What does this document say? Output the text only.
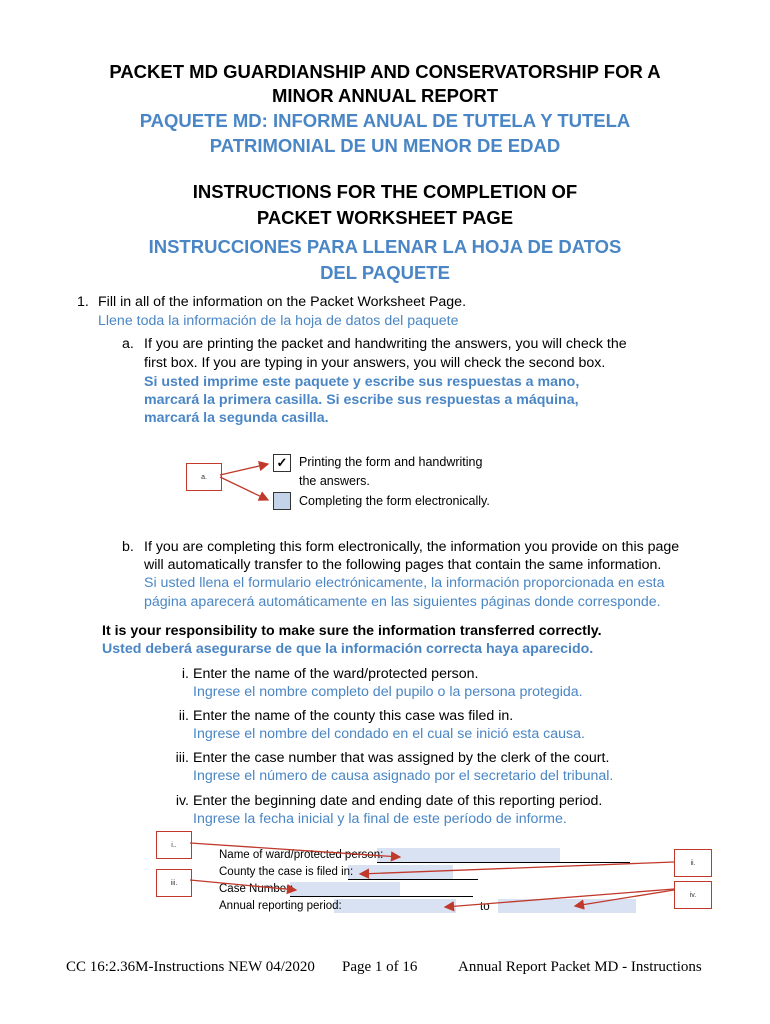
PACKET MD GUARDIANSHIP AND CONSERVATORSHIP FOR A
MINOR ANNUAL REPORT
PAQUETE MD: INFORME ANUAL DE TUTELA Y TUTELA
PATRIMONIAL DE UN MENOR DE EDAD
INSTRUCTIONS FOR THE COMPLETION OF
PACKET WORKSHEET PAGE
INSTRUCCIONES PARA LLENAR LA HOJA DE DATOS
DEL PAQUETE
1. Fill in all of the information on the Packet Worksheet Page.
Llene toda la información de la hoja de datos del paquete
a. If you are printing the packet and handwriting the answers, you will check the
first box. If you are typing in your answers, you will check the second box.
Si usted imprime este paquete y escribe sus respuestas a mano,
marcará la primera casilla. Si escribe sus respuestas a máquina,
marcará la segunda casilla.
a.
✓ Printing the form and handwriting
the answers.
Completing the form electronically.
b. If you are completing this form electronically, the information you provide on this page
will automatically transfer to the following pages that contain the same information.
Si usted llena el formulario electrónicamente, la información proporcionada en esta
página aparecerá automáticamente en las siguientes páginas donde corresponde.
It is your responsibility to make sure the information transferred correctly.
Usted deberá asegurarse de que la información correcta haya aparecido.
i. Enter the name of the ward/protected person.
Ingrese el nombre completo del pupilo o la persona protegida.
ii. Enter the name of the county this case was filed in.
Ingrese el nombre del condado en el cual se inició esta causa.
iii. Enter the case number that was assigned by the clerk of the court.
Ingrese el número de causa asignado por el secretario del tribunal.
iv. Enter the beginning date and ending date of this reporting period.
Ingrese la fecha inicial y la final de este período de informe.
Name of ward/protected person:
County the case is filed in:
Case Number:
Annual reporting period:	to
i..
iii.
ii.
iv.
CC 16:2.36M-Instructions NEW 04/2020 Page 1 of 16	Annual Report Packet MD - Instructions
